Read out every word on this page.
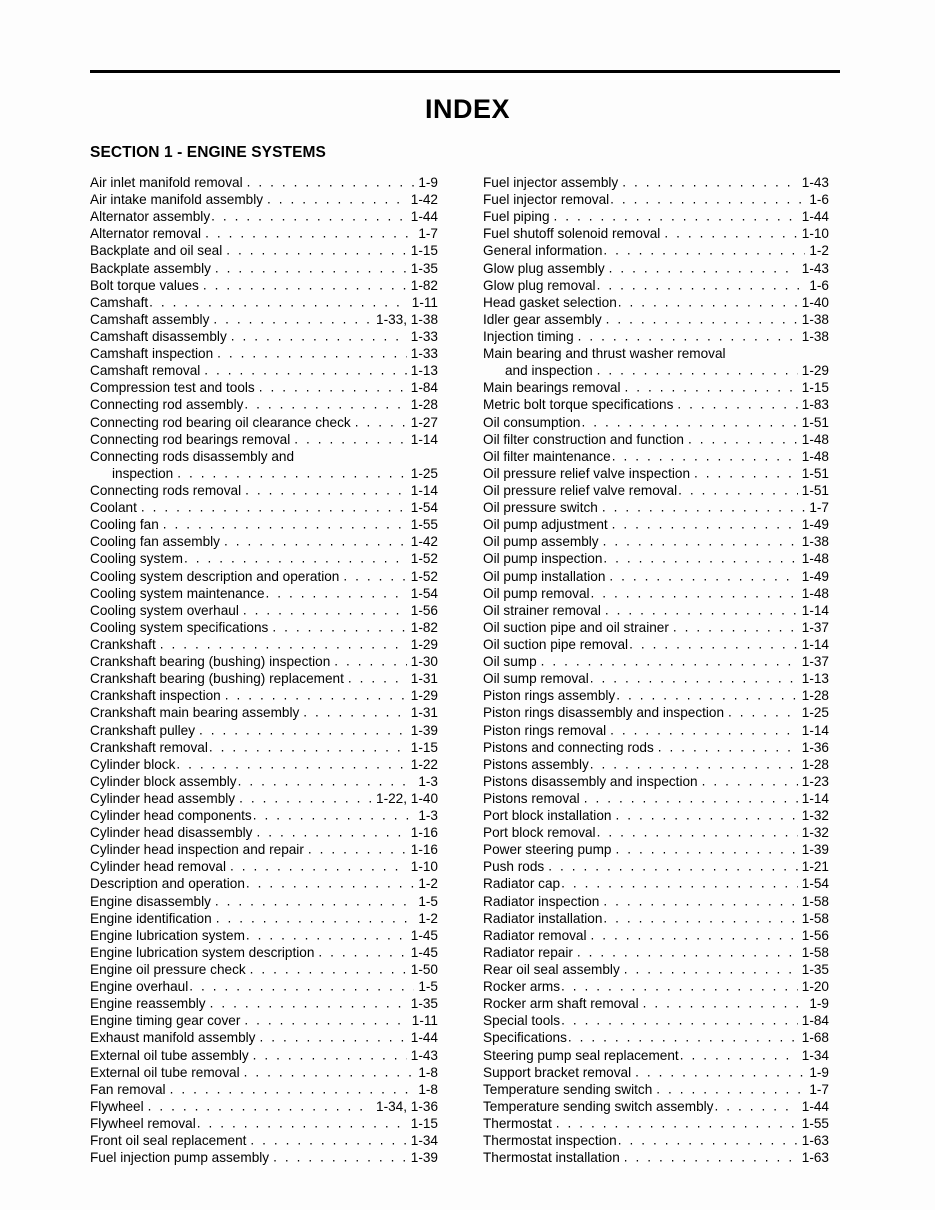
INDEX
SECTION 1 - ENGINE SYSTEMS
Air inlet manifold removal . . .	1-9
Air intake manifold assembly . . .	1-42
Alternator assembly . . .	1-44
Alternator removal . . .	1-7
Backplate and oil seal . . .	1-15
Backplate assembly . . .	1-35
Bolt torque values . . .	1-82
Camshaft . . .	1-11
Camshaft assembly . . .	1-33, 1-38
Camshaft disassembly . . .	1-33
Camshaft inspection . . .	1-33
Camshaft removal . . .	1-13
Compression test and tools . . .	1-84
Connecting rod assembly . . .	1-28
Connecting rod bearing oil clearance check . . .	1-27
Connecting rod bearings removal . . .	1-14
Connecting rods disassembly and
inspection . . .	1-25
Connecting rods removal . . .	1-14
Coolant . . .	1-54
Cooling fan . . .	1-55
Cooling fan assembly . . .	1-42
Cooling system . . .	1-52
Cooling system description and operation . . .	1-52
Cooling system maintenance . . .	1-54
Cooling system overhaul . . .	1-56
Cooling system specifications . . .	1-82
Crankshaft . . .	1-29
Crankshaft bearing (bushing) inspection . . .	1-30
Crankshaft bearing (bushing) replacement . . .	1-31
Crankshaft inspection . . .	1-29
Crankshaft main bearing assembly . . .	1-31
Crankshaft pulley . . .	1-39
Crankshaft removal . . .	1-15
Cylinder block . . .	1-22
Cylinder block assembly . . .	1-3
Cylinder head assembly . . .	1-22, 1-40
Cylinder head components . . .	1-3
Cylinder head disassembly . . .	1-16
Cylinder head inspection and repair . . .	1-16
Cylinder head removal . . .	1-10
Description and operation . . .	1-2
Engine disassembly . . .	1-5
Engine identification . . .	1-2
Engine lubrication system . . .	1-45
Engine lubrication system description . . .	1-45
Engine oil pressure check . . .	1-50
Engine overhaul . . .	1-5
Engine reassembly . . .	1-35
Engine timing gear cover . . .	1-11
Exhaust manifold assembly . . .	1-44
External oil tube assembly . . .	1-43
External oil tube removal . . .	1-8
Fan removal . . .	1-8
Flywheel . . .	1-34, 1-36
Flywheel removal . . .	1-15
Front oil seal replacement . . .	1-34
Fuel injection pump assembly . . .	1-39
Fuel injector assembly . . .	1-43
Fuel injector removal . . .	1-6
Fuel piping . . .	1-44
Fuel shutoff solenoid removal . . .	1-10
General information . . .	1-2
Glow plug assembly . . .	1-43
Glow plug removal . . .	1-6
Head gasket selection . . .	1-40
Idler gear assembly . . .	1-38
Injection timing . . .	1-38
Main bearing and thrust washer removal
and inspection . . .	1-29
Main bearings removal . . .	1-15
Metric bolt torque specifications . . .	1-83
Oil consumption . . .	1-51
Oil filter construction and function . . .	1-48
Oil filter maintenance . . .	1-48
Oil pressure relief valve inspection . . .	1-51
Oil pressure relief valve removal . . .	1-51
Oil pressure switch . . .	1-7
Oil pump adjustment . . .	1-49
Oil pump assembly . . .	1-38
Oil pump inspection . . .	1-48
Oil pump installation . . .	1-49
Oil pump removal . . .	1-48
Oil strainer removal . . .	1-14
Oil suction pipe and oil strainer . . .	1-37
Oil suction pipe removal . . .	1-14
Oil sump . . .	1-37
Oil sump removal . . .	1-13
Piston rings assembly . . .	1-28
Piston rings disassembly and inspection . . .	1-25
Piston rings removal . . .	1-14
Pistons and connecting rods . . .	1-36
Pistons assembly . . .	1-28
Pistons disassembly and inspection . . .	1-23
Pistons removal . . .	1-14
Port block installation . . .	1-32
Port block removal . . .	1-32
Power steering pump . . .	1-39
Push rods . . .	1-21
Radiator cap . . .	1-54
Radiator inspection . . .	1-58
Radiator installation . . .	1-58
Radiator removal . . .	1-56
Radiator repair . . .	1-58
Rear oil seal assembly . . .	1-35
Rocker arms . . .	1-20
Rocker arm shaft removal . . .	1-9
Special tools . . .	1-84
Specifications . . .	1-68
Steering pump seal replacement . . .	1-34
Support bracket removal . . .	1-9
Temperature sending switch . . .	1-7
Temperature sending switch assembly . . .	1-44
Thermostat . . .	1-55
Thermostat inspection . . .	1-63
Thermostat installation . . .	1-63
